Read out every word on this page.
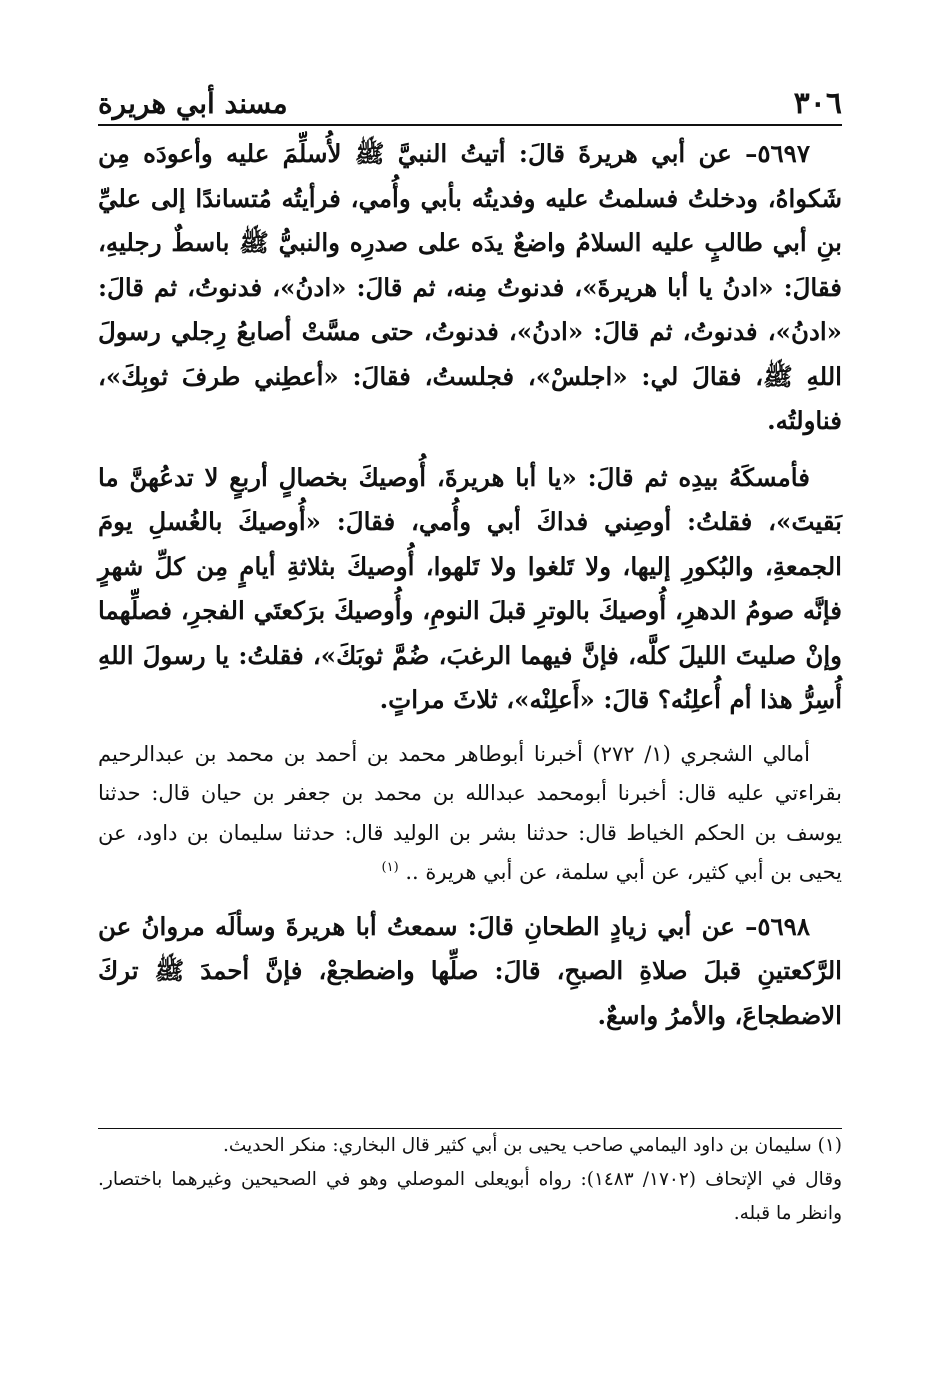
٣٠٦
مسند أبي هريرة

٥٦٩٧– عن أبي هريرةَ قالَ: أتيتُ النبيَّ ﷺ لأُسلِّمَ عليه وأعودَه مِن شَكواهُ، ودخلتُ فسلمتُ عليه وفديتُه بأبي وأُمي، فرأيتُه مُتساندًا إلى عليِّ بنِ أبي طالبٍ عليه السلامُ واضعٌ يدَه على صدرِه والنبيُّ ﷺ باسطٌ رجليهِ، فقالَ: «ادنُ يا أبا هريرةَ»، فدنوتُ مِنه، ثم قالَ: «ادنُ»، فدنوتُ، ثم قالَ: «ادنُ»، فدنوتُ، ثم قالَ: «ادنُ»، فدنوتُ، حتى مسَّتْ أصابعُ رِجلي رسولَ اللهِ ﷺ، فقالَ لي: «اجلسْ»، فجلستُ، فقالَ: «أعطِني طرفَ ثوبِكَ»، فناولتُه.

فأمسكَهُ بيدِه ثم قالَ: «يا أبا هريرةَ، أُوصيكَ بخصالٍ أربعٍ لا تدعُهنَّ ما بَقيتَ»، فقلتُ: أوصِني فداكَ أبي وأُمي، فقالَ: «أُوصيكَ بالغُسلِ يومَ الجمعةِ، والبُكورِ إليها، ولا تَلغوا ولا تَلهوا، أُوصيكَ بثلاثةِ أيامٍ مِن كلِّ شهرٍ فإنَّه صومُ الدهرِ، أُوصيكَ بالوترِ قبلَ النومِ، وأُوصيكَ برَكعتَي الفجرِ، فصلِّهما وإنْ صليتَ الليلَ كلَّه، فإنَّ فيهما الرغبَ، ضُمَّ ثوبَكَ»، فقلتُ: يا رسولَ اللهِ أُسِرُّ هذا أم أُعلِنُه؟ قالَ: «أَعلِنْه»، ثلاثَ مراتٍ.

أمالي الشجري (١/ ٢٧٢) أخبرنا أبوطاهر محمد بن أحمد بن محمد بن عبدالرحيم بقراءتي عليه قال: أخبرنا أبومحمد عبدالله بن محمد بن جعفر بن حيان قال: حدثنا يوسف بن الحكم الخياط قال: حدثنا بشر بن الوليد قال: حدثنا سليمان بن داود، عن يحيى بن أبي كثير، عن أبي سلمة، عن أبي هريرة .. $^{(١)}$

٥٦٩٨– عن أبي زيادٍ الطحانِ قالَ: سمعتُ أبا هريرةَ وسألَه مروانُ عن الرَّكعتينِ قبلَ صلاةِ الصبحِ، قالَ: صلِّها واضطجعْ، فإنَّ أحمدَ ﷺ تركَ الاضطجاعَ، والأمرُ واسعٌ.

(١) سليمان بن داود اليمامي صاحب يحيى بن أبي كثير قال البخاري: منكر الحديث.

وقال في الإتحاف (١٧٠٢/ ١٤٨٣): رواه أبويعلى الموصلي وهو في الصحيحين وغيرهما باختصار. وانظر ما قبله.
